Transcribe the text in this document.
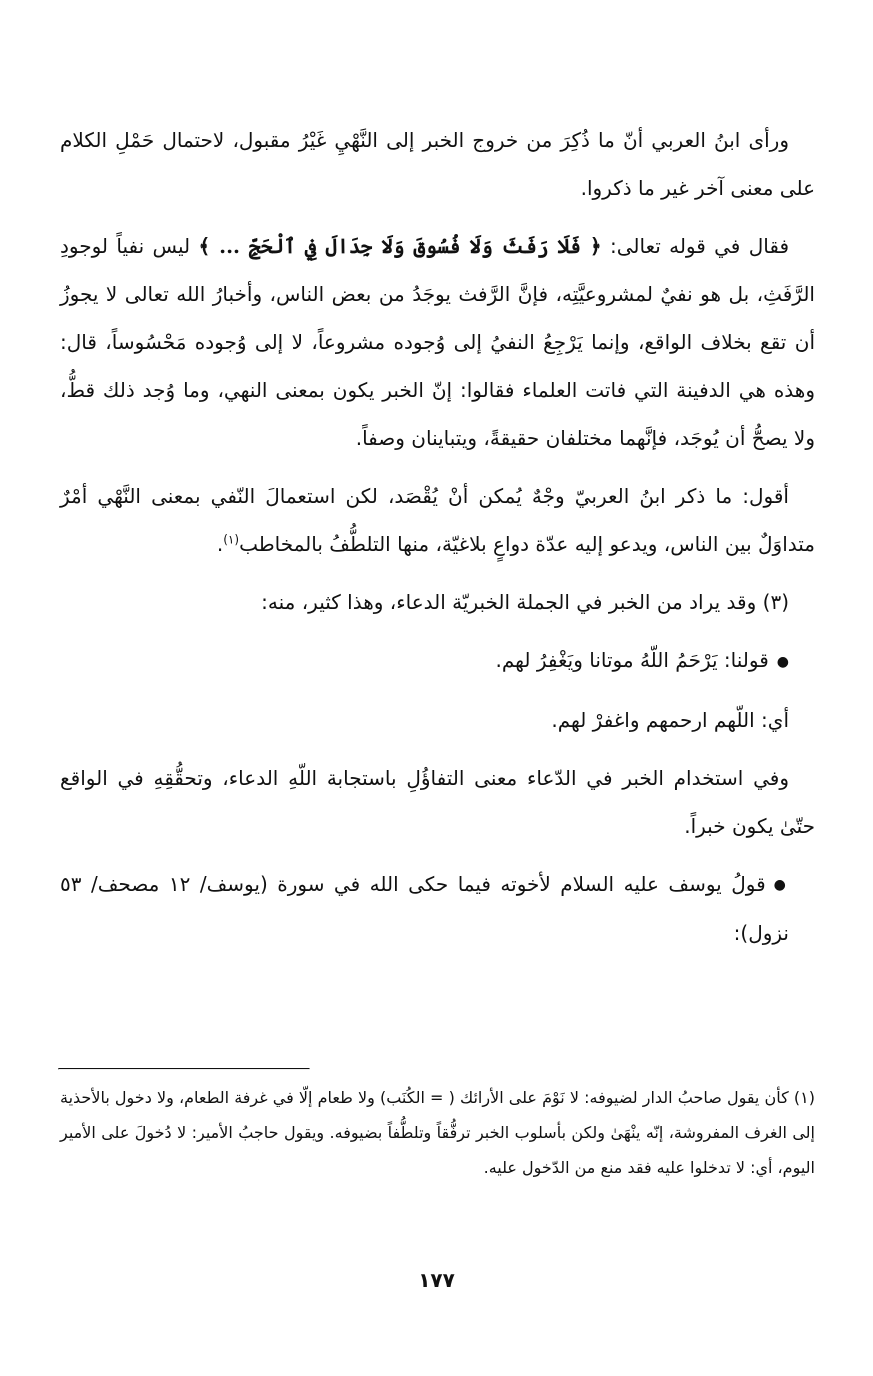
ورأى ابنُ العربي أنّ ما ذُكِرَ من خروج الخبر إلى النَّهْيِ غَيْرُ مقبول، لاحتمال حَمْلِ الكلام على معنى آخر غير ما ذكروا.

فقال في قوله تعالى: ﴿ فَلَا رَفَثَ وَلَا فُسُوقَ وَلَا جِدَالَ فِي ٱلْحَجِّ ... ﴾ ليس نفياً لوجودِ الرَّفَثِ، بل هو نفيٌ لمشروعيَّتِه، فإنَّ الرَّفث يوجَدُ من بعض الناس، وأخبارُ الله تعالى لا يجوزُ أن تقع بخلاف الواقع، وإنما يَرْجِعُ النفيُ إلى وُجوده مشروعاً، لا إلى وُجوده مَحْسُوساً، قال: وهذه هي الدفينة التي فاتت العلماء فقالوا: إنّ الخبر يكون بمعنى النهي، وما وُجد ذلك قطُّ، ولا يصحُّ أن يُوجَد، فإنَّهما مختلفان حقيقةً، ويتباينان وصفاً.

أقول: ما ذكر ابنُ العربيّ وجْهٌ يُمكن أنْ يُقْصَد، لكن استعمالَ النّفي بمعنى النَّهْي أمْرٌ متداوَلٌ بين الناس، ويدعو إليه عدّة دواعٍ بلاغيّة، منها التلطُّفُ بالمخاطب$^{(١)}$.

(٣) وقد يراد من الخبر في الجملة الخبريّة الدعاء، وهذا كثير، منه:

● قولنا: يَرْحَمُ اللّهُ موتانا ويَغْفِرُ لهم.

أي: اللّهم ارحمهم واغفرْ لهم.

وفي استخدام الخبر في الدّعاء معنى التفاؤُلِ باستجابة اللّهِ الدعاء، وتحقُّقِهِ في الواقع حتّىٰ يكون خبراً.

● قولُ يوسف عليه السلام لأخوته فيما حكى الله في سورة (يوسف/ ١٢ مصحف/ ٥٣ نزول):

(١) كأن يقول صاحبُ الدار لضيوفه: لا نَوْمَ على الأرائك ( = الكُنَب) ولا طعام إلّا في غرفة الطعام، ولا دخول بالأحذية إلى الغرف المفروشة، إنّه ينْهَىٰ ولكن بأسلوب الخبر ترفُّقاً وتلطُّفاً بضيوفه. ويقول حاجبُ الأمير: لا دُخولَ على الأمير اليوم، أي: لا تدخلوا عليه فقد منع من الدّخول عليه.

١٧٧
